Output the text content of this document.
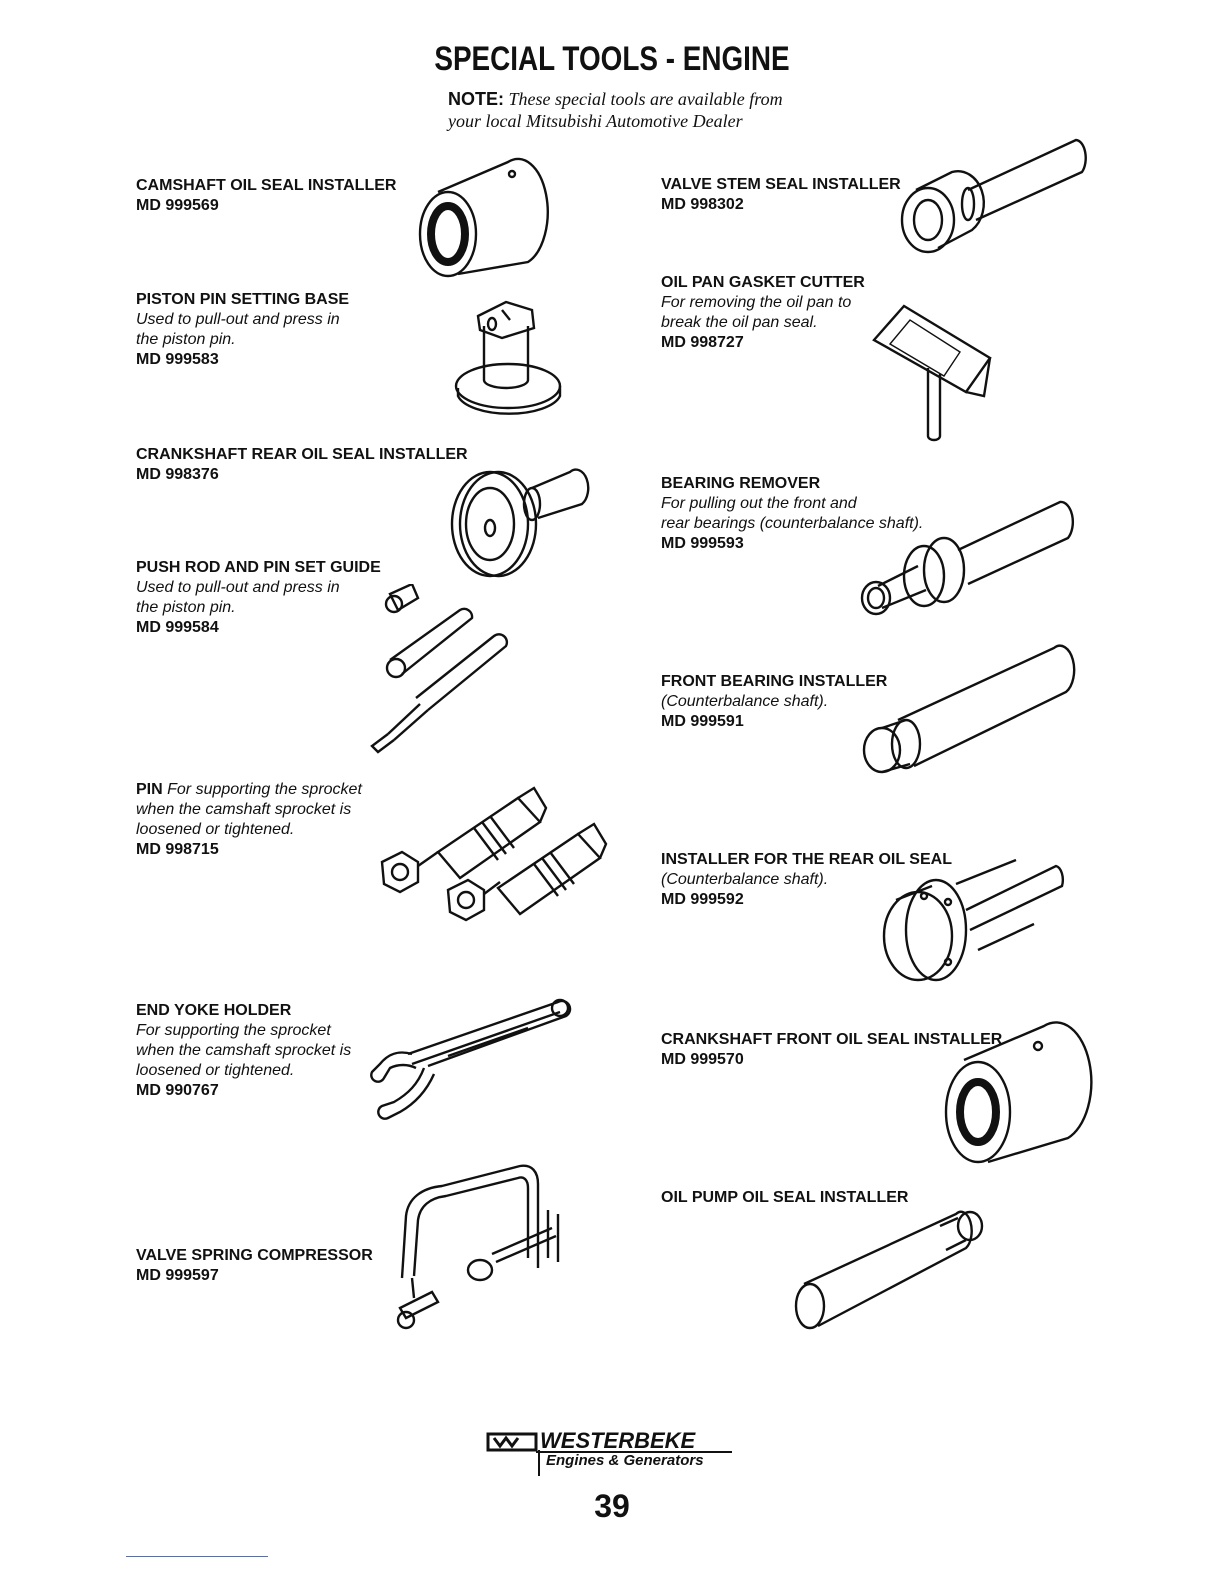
SPECIAL TOOLS - ENGINE
NOTE: These special tools are available from
your local Mitsubishi Automotive Dealer
CAMSHAFT OIL SEAL INSTALLER
MD 999569
PISTON PIN SETTING BASE
Used to pull-out and press in
the piston pin.
MD 999583
CRANKSHAFT REAR OIL SEAL INSTALLER
MD 998376
PUSH ROD AND PIN SET GUIDE
Used to pull-out and press in
the piston pin.
MD 999584
PIN For supporting the sprocket
when the camshaft sprocket is
loosened or tightened.
MD 998715
END YOKE HOLDER
For supporting the sprocket
when the camshaft sprocket is
loosened or tightened.
MD 990767
VALVE SPRING COMPRESSOR
MD 999597
VALVE STEM SEAL INSTALLER
MD 998302
OIL PAN GASKET CUTTER
For removing the oil pan to
break the oil pan seal.
MD 998727
BEARING REMOVER
For pulling out the front and
rear bearings (counterbalance shaft).
MD 999593
FRONT BEARING INSTALLER
(Counterbalance shaft).
MD 999591
INSTALLER FOR THE REAR OIL SEAL
(Counterbalance shaft).
MD 999592
CRANKSHAFT FRONT OIL SEAL INSTALLER
MD 999570
OIL PUMP OIL SEAL INSTALLER
WESTERBEKE
Engines & Generators
39
